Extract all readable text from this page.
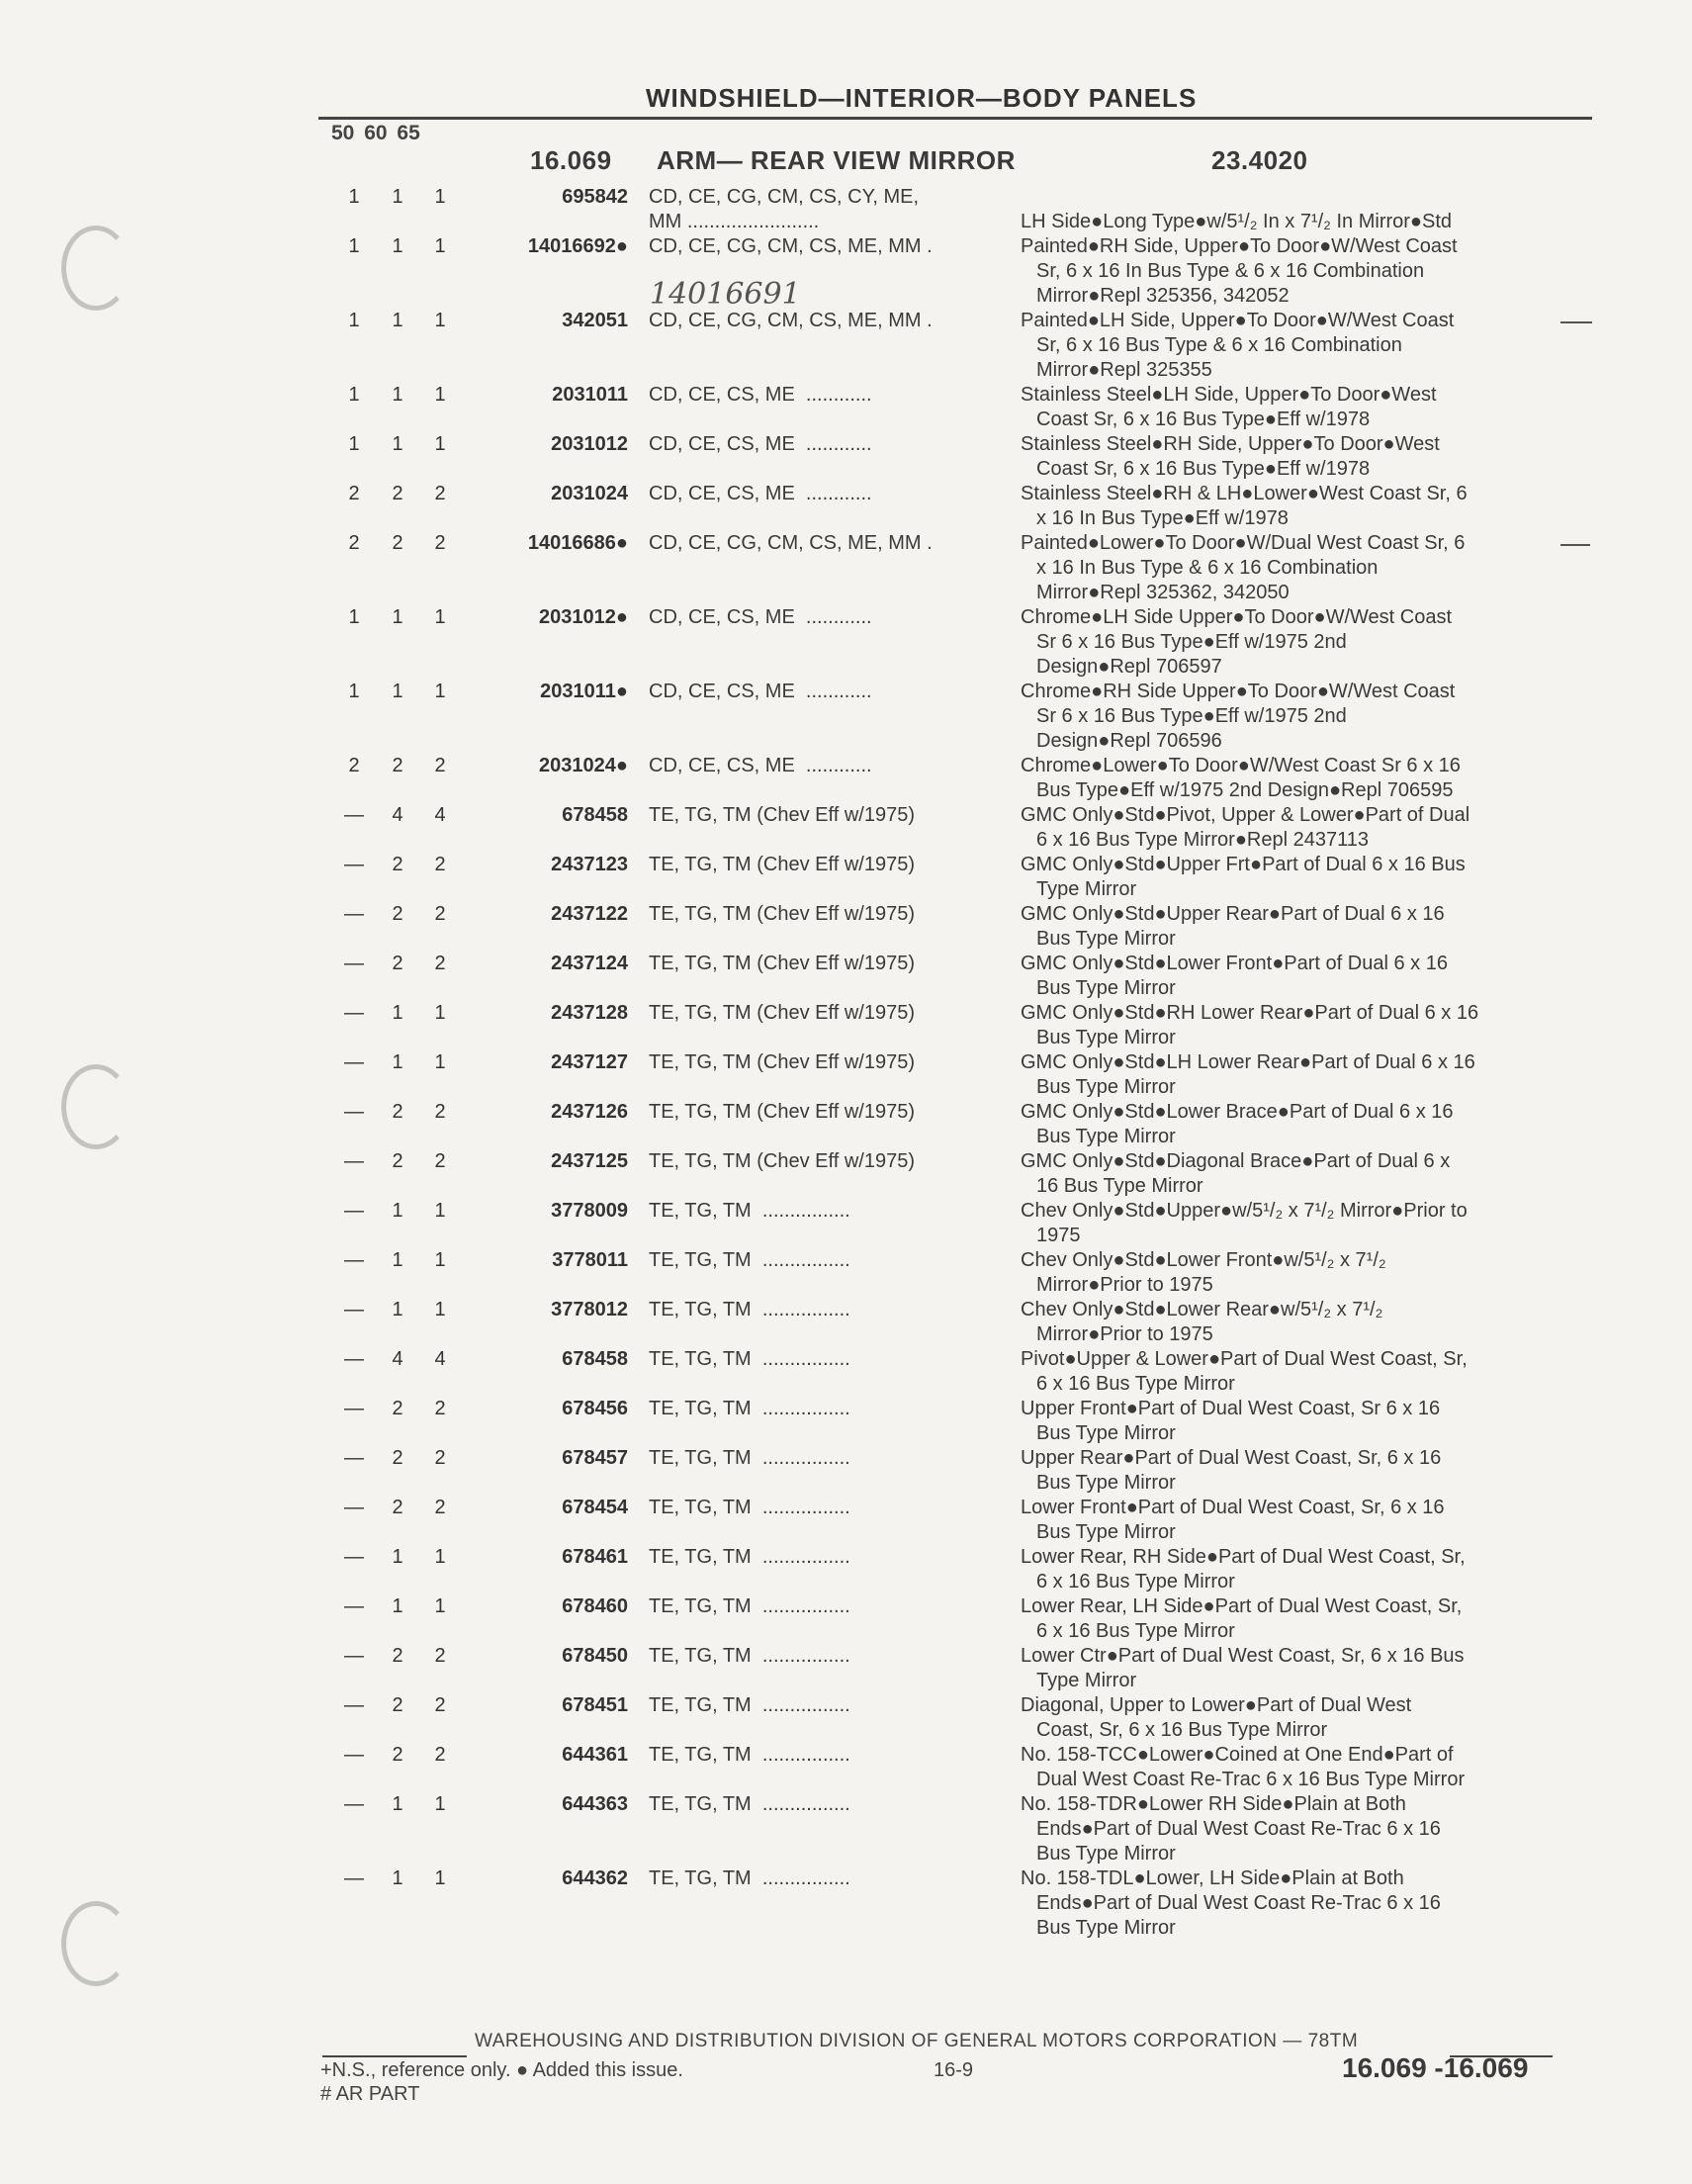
WINDSHIELD—INTERIOR—BODY PANELS
50 60 65
16.069 ARM— REAR VIEW MIRROR	23.4020
14016691
1	1	1	695842 CD, CE, CG, CM, CS, CY, ME,
MM ........................	LH Side●Long Type●w/5¹/₂ In x 7¹/₂ In Mirror●Std
1	1	1	14016692● CD, CE, CG, CM, CS, ME, MM .	Painted●RH Side, Upper●To Door●W/West Coast
Sr, 6 x 16 In Bus Type & 6 x 16 Combination
Mirror●Repl 325356, 342052
1	1	1	342051 CD, CE, CG, CM, CS, ME, MM .	Painted●LH Side, Upper●To Door●W/West Coast
Sr, 6 x 16 Bus Type & 6 x 16 Combination
Mirror●Repl 325355
1	1	1	2031011 CD, CE, CS, ME  ............	Stainless Steel●LH Side, Upper●To Door●West
Coast Sr, 6 x 16 Bus Type●Eff w/1978
1	1	1	2031012 CD, CE, CS, ME  ............	Stainless Steel●RH Side, Upper●To Door●West
Coast Sr, 6 x 16 Bus Type●Eff w/1978
2	2	2	2031024 CD, CE, CS, ME  ............	Stainless Steel●RH & LH●Lower●West Coast Sr, 6
x 16 In Bus Type●Eff w/1978
2	2	2	14016686● CD, CE, CG, CM, CS, ME, MM .	Painted●Lower●To Door●W/Dual West Coast Sr, 6
x 16 In Bus Type & 6 x 16 Combination
Mirror●Repl 325362, 342050
1	1	1	2031012● CD, CE, CS, ME  ............	Chrome●LH Side Upper●To Door●W/West Coast
Sr 6 x 16 Bus Type●Eff w/1975 2nd
Design●Repl 706597
1	1	1	2031011● CD, CE, CS, ME  ............	Chrome●RH Side Upper●To Door●W/West Coast
Sr 6 x 16 Bus Type●Eff w/1975 2nd
Design●Repl 706596
2	2	2	2031024● CD, CE, CS, ME  ............	Chrome●Lower●To Door●W/West Coast Sr 6 x 16
Bus Type●Eff w/1975 2nd Design●Repl 706595
—	4	4	678458 TE, TG, TM (Chev Eff w/1975)	GMC Only●Std●Pivot, Upper & Lower●Part of Dual
6 x 16 Bus Type Mirror●Repl 2437113
—	2	2	2437123 TE, TG, TM (Chev Eff w/1975)	GMC Only●Std●Upper Frt●Part of Dual 6 x 16 Bus
Type Mirror
—	2	2	2437122 TE, TG, TM (Chev Eff w/1975)	GMC Only●Std●Upper Rear●Part of Dual 6 x 16
Bus Type Mirror
—	2	2	2437124 TE, TG, TM (Chev Eff w/1975)	GMC Only●Std●Lower Front●Part of Dual 6 x 16
Bus Type Mirror
—	1	1	2437128 TE, TG, TM (Chev Eff w/1975)	GMC Only●Std●RH Lower Rear●Part of Dual 6 x 16
Bus Type Mirror
—	1	1	2437127 TE, TG, TM (Chev Eff w/1975)	GMC Only●Std●LH Lower Rear●Part of Dual 6 x 16
Bus Type Mirror
—	2	2	2437126 TE, TG, TM (Chev Eff w/1975)	GMC Only●Std●Lower Brace●Part of Dual 6 x 16
Bus Type Mirror
—	2	2	2437125 TE, TG, TM (Chev Eff w/1975)	GMC Only●Std●Diagonal Brace●Part of Dual 6 x
16 Bus Type Mirror
—	1	1	3778009 TE, TG, TM  ................	Chev Only●Std●Upper●w/5¹/₂ x 7¹/₂ Mirror●Prior to
1975
—	1	1	3778011 TE, TG, TM  ................	Chev Only●Std●Lower Front●w/5¹/₂ x 7¹/₂
Mirror●Prior to 1975
—	1	1	3778012 TE, TG, TM  ................	Chev Only●Std●Lower Rear●w/5¹/₂ x 7¹/₂
Mirror●Prior to 1975
—	4	4	678458 TE, TG, TM  ................	Pivot●Upper & Lower●Part of Dual West Coast, Sr,
6 x 16 Bus Type Mirror
—	2	2	678456 TE, TG, TM  ................	Upper Front●Part of Dual West Coast, Sr 6 x 16
Bus Type Mirror
—	2	2	678457 TE, TG, TM  ................	Upper Rear●Part of Dual West Coast, Sr, 6 x 16
Bus Type Mirror
—	2	2	678454 TE, TG, TM  ................	Lower Front●Part of Dual West Coast, Sr, 6 x 16
Bus Type Mirror
—	1	1	678461 TE, TG, TM  ................	Lower Rear, RH Side●Part of Dual West Coast, Sr,
6 x 16 Bus Type Mirror
—	1	1	678460 TE, TG, TM  ................	Lower Rear, LH Side●Part of Dual West Coast, Sr,
6 x 16 Bus Type Mirror
—	2	2	678450 TE, TG, TM  ................	Lower Ctr●Part of Dual West Coast, Sr, 6 x 16 Bus
Type Mirror
—	2	2	678451 TE, TG, TM  ................	Diagonal, Upper to Lower●Part of Dual West
Coast, Sr, 6 x 16 Bus Type Mirror
—	2	2	644361 TE, TG, TM  ................	No. 158-TCC●Lower●Coined at One End●Part of
Dual West Coast Re-Trac 6 x 16 Bus Type Mirror
—	1	1	644363 TE, TG, TM  ................	No. 158-TDR●Lower RH Side●Plain at Both
Ends●Part of Dual West Coast Re-Trac 6 x 16
Bus Type Mirror
—	1	1	644362 TE, TG, TM  ................	No. 158-TDL●Lower, LH Side●Plain at Both
Ends●Part of Dual West Coast Re-Trac 6 x 16
Bus Type Mirror
WAREHOUSING AND DISTRIBUTION DIVISION OF GENERAL MOTORS CORPORATION — 78TM
+N.S., reference only. ● Added this issue.
# AR PART
16-9	16.069 -16.069
